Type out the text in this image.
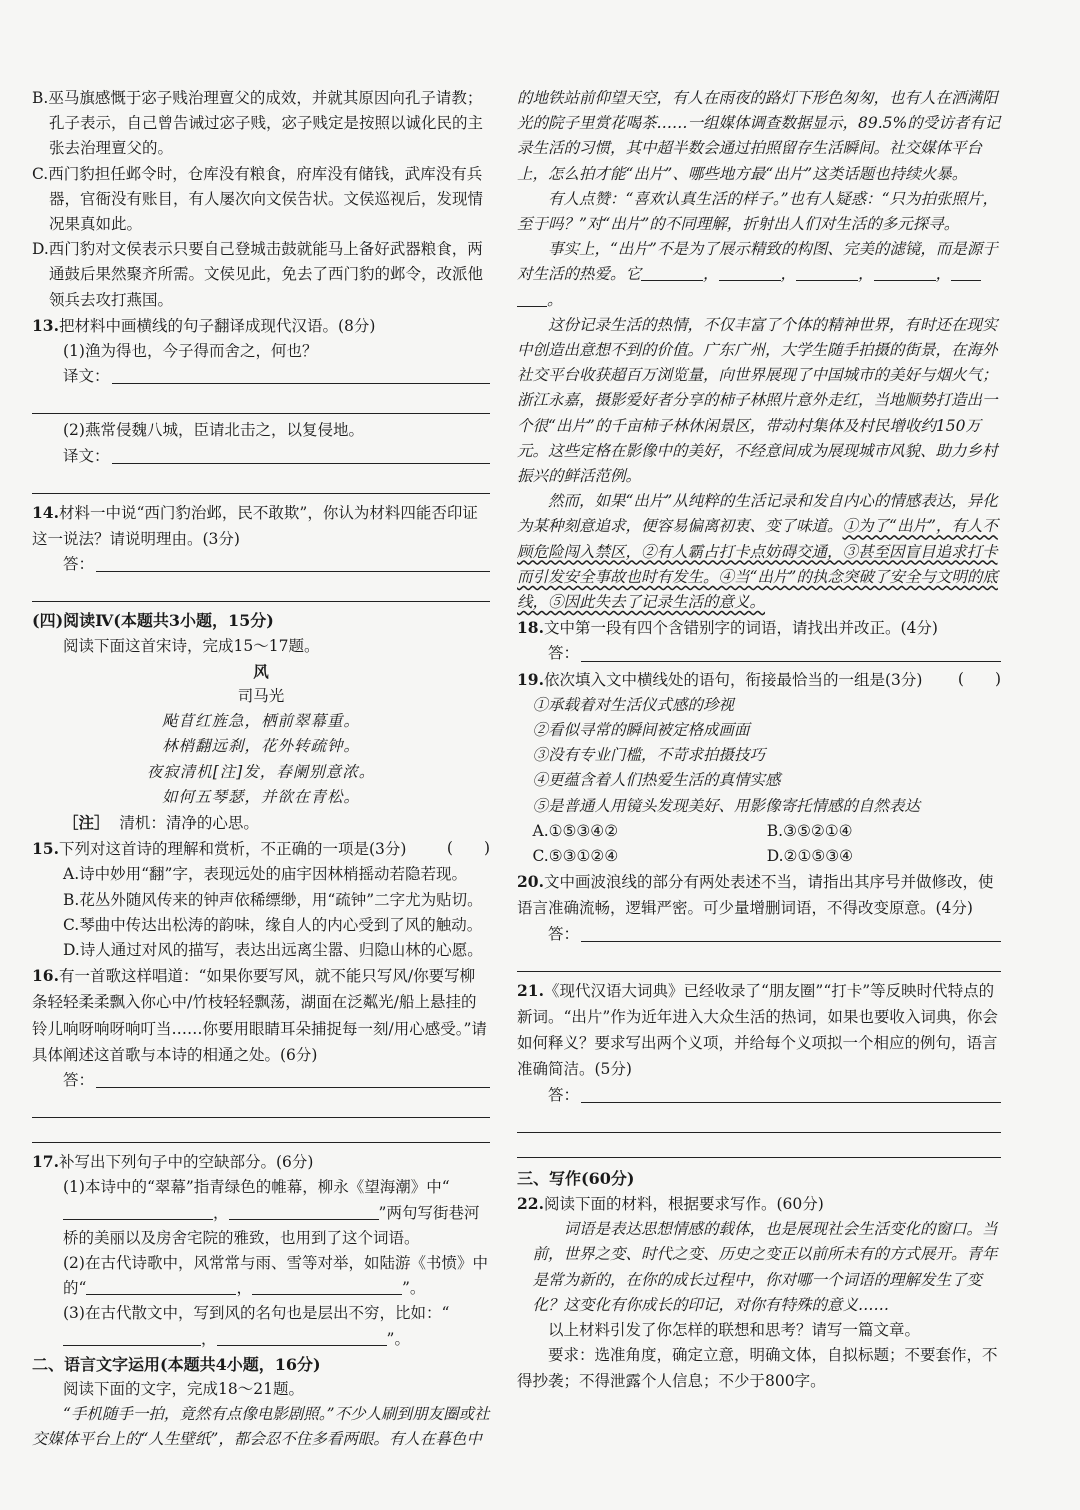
B.巫马旗感慨于宓子贱治理亶父的成效，并就其原因向孔子请教；孔子表示，自己曾告诫过宓子贱，宓子贱定是按照以诚化民的主张去治理亶父的。

C.西门豹担任邺令时，仓库没有粮食，府库没有储钱，武库没有兵器，官衙没有账目，有人屡次向文侯告状。文侯巡视后，发现情况果真如此。

D.西门豹对文侯表示只要自己登城击鼓就能马上备好武器粮食，两通鼓后果然聚齐所需。文侯见此，免去了西门豹的邺令，改派他领兵去攻打燕国。

13.把材料中画横线的句子翻译成现代汉语。(8分)

(1)渔为得也，今子得而舍之，何也？

译文：

(2)燕常侵魏八城，臣请北击之，以复侵地。

译文：

14.材料一中说“西门豹治邺，民不敢欺”，你认为材料四能否印证这一说法？请说明理由。(3分)

答：

(四)阅读Ⅳ(本题共3小题，15分)

阅读下面这首宋诗，完成15～17题。

风

司马光

飐苜红旌急，栖前翠幕重。

林梢翻远刹，花外转疏钟。

夜寂清机[注]发，春阑别意浓。

如何五琴瑟，并欲在青松。

［注］ 清机：清净的心思。

15.下列对这首诗的理解和赏析，不正确的一项是(3分)	(　　)

A.诗中妙用“翻”字，表现远处的庙宇因林梢摇动若隐若现。

B.花丛外随风传来的钟声依稀缥缈，用“疏钟”二字尤为贴切。

C.琴曲中传达出松涛的韵味，缘自人的内心受到了风的触动。

D.诗人通过对风的描写，表达出远离尘嚣、归隐山林的心愿。

16.有一首歌这样唱道：“如果你要写风，就不能只写风/你要写柳条轻轻柔柔飘入你心中/竹枝轻轻飘荡，湖面在泛粼光/船上悬挂的铃儿响呀响呀响叮当……你要用眼睛耳朵捕捉每一刻/用心感受。”请具体阐述这首歌与本诗的相通之处。(6分)

答：

17.补写出下列句子中的空缺部分。(6分)

(1)本诗中的“翠幕”指青绿色的帷幕，柳永《望海潮》中“，	”两句写街巷河桥的美丽以及房舍宅院的雅致，也用到了这个词语。

(2)在古代诗歌中，风常常与雨、雪等对举，如陆游《书愤》中的“	，	”。

(3)在古代散文中，写到风的名句也是层出不穷，比如：“，	”。

二、语言文字运用(本题共4小题，16分)

阅读下面的文字，完成18～21题。

“手机随手一拍，竟然有点像电影剧照。”不少人刷到朋友圈或社交媒体平台上的“人生壁纸”，都会忍不住多看两眼。有人在暮色中

的地铁站前仰望天空，有人在雨夜的路灯下形色匆匆，也有人在洒满阳光的院子里赏花喝茶……一组媒体调查数据显示，89.5%的受访者有记录生活的习惯，其中超半数会通过拍照留存生活瞬间。社交媒体平台上，怎么拍才能“出片”、哪些地方最“出片”这类话题也持续火暴。

有人点赞：“喜欢认真生活的样子。”也有人疑惑：“只为拍张照片，至于吗？”对“出片”的不同理解，折射出人们对生活的多元探寻。

事实上，“出片”不是为了展示精致的构图、完美的滤镜，而是源于对生活的热爱。它	，	，	，	，。

这份记录生活的热情，不仅丰富了个体的精神世界，有时还在现实中创造出意想不到的价值。广东广州，大学生随手拍摄的街景，在海外社交平台收获超百万浏览量，向世界展现了中国城市的美好与烟火气；浙江永嘉，摄影爱好者分享的柿子林照片意外走红，当地顺势打造出一个很“出片”的千亩柿子林休闲景区，带动村集体及村民增收约150万元。这些定格在影像中的美好，不经意间成为展现城市风貌、助力乡村振兴的鲜活范例。

然而，如果“出片”从纯粹的生活记录和发自内心的情感表达，异化为某种刻意追求，便容易偏离初衷、变了味道。①为了“出片”，有人不顾危险闯入禁区，②有人霸占打卡点妨碍交通，③甚至因盲目追求打卡而引发安全事故也时有发生。④当“出片”的执念突破了安全与文明的底线，⑤因此失去了记录生活的意义。

18.文中第一段有四个含错别字的词语，请找出并改正。(4分)

答：

19.依次填入文中横线处的语句，衔接最恰当的一组是(3分) (　　)

①承载着对生活仪式感的珍视

②看似寻常的瞬间被定格成画面

③没有专业门槛，不苛求拍摄技巧

④更蕴含着人们热爱生活的真情实感

⑤是普通人用镜头发现美好、用影像寄托情感的自然表达

A.①⑤③④②	B.③⑤②①④
C.⑤③①②④	D.②①⑤③④

20.文中画波浪线的部分有两处表述不当，请指出其序号并做修改，使语言准确流畅，逻辑严密。可少量增删词语，不得改变原意。(4分)

答：

21.《现代汉语大词典》已经收录了“朋友圈”“打卡”等反映时代特点的新词。“出片”作为近年进入大众生活的热词，如果也要收入词典，你会如何释义？要求写出两个义项，并给每个义项拟一个相应的例句，语言准确简洁。(5分)

答：

三、写作(60分)

22.阅读下面的材料，根据要求写作。(60分)

词语是表达思想情感的载体，也是展现社会生活变化的窗口。当前，世界之变、时代之变、历史之变正以前所未有的方式展开。青年是常为新的，在你的成长过程中，你对哪一个词语的理解发生了变化？这变化有你成长的印记，对你有特殊的意义……

以上材料引发了你怎样的联想和思考？请写一篇文章。

要求：选准角度，确定立意，明确文体，自拟标题；不要套作，不得抄袭；不得泄露个人信息；不少于800字。
